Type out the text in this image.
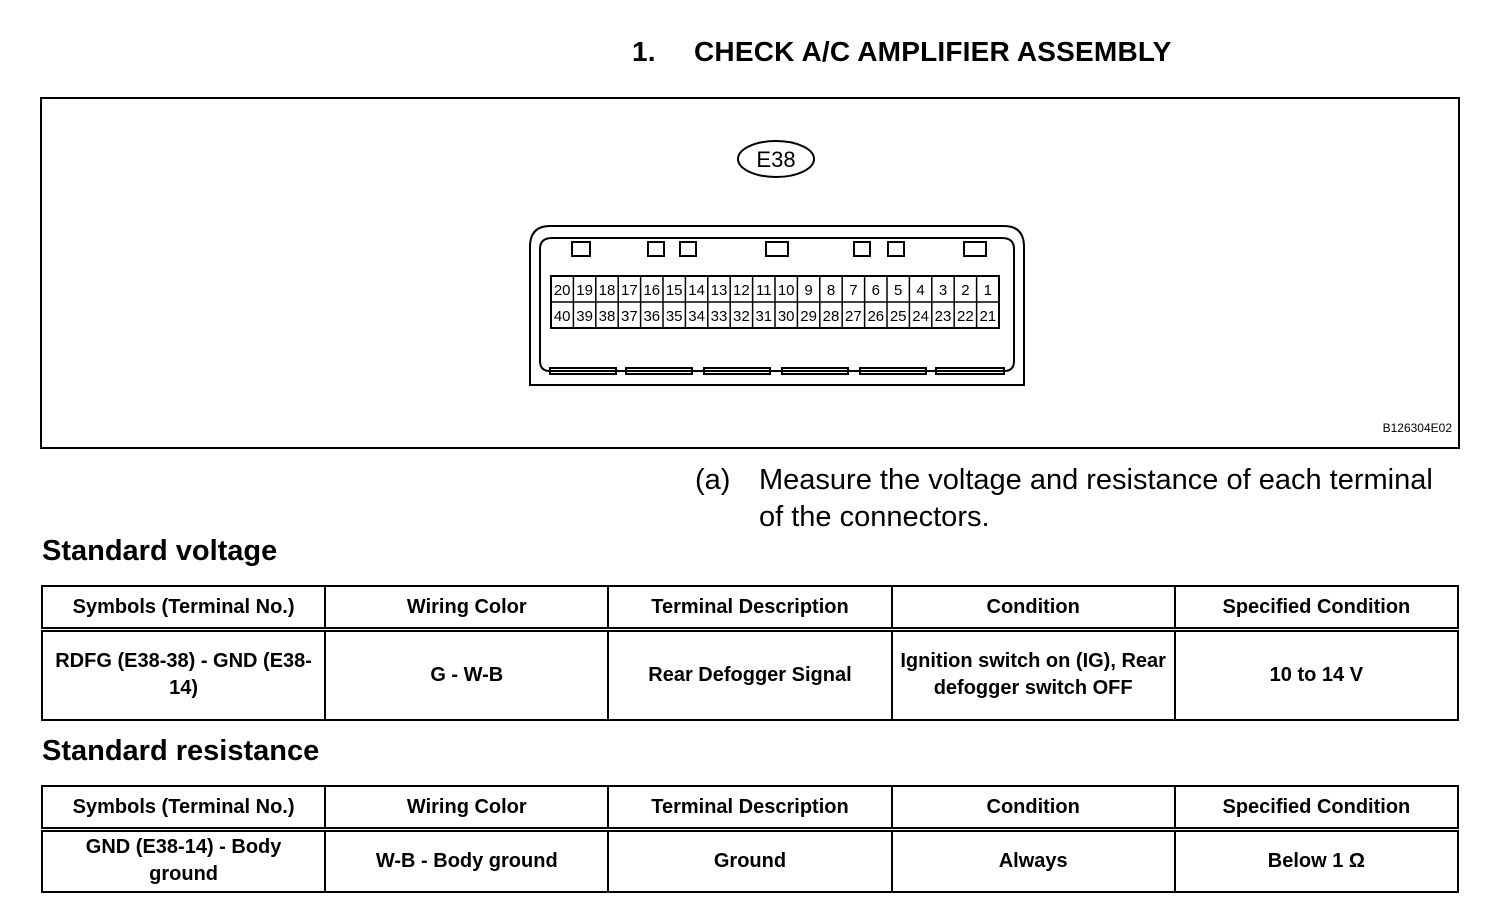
1. CHECK A/C AMPLIFIER ASSEMBLY
E38
20 19 18 17 16 15 14 13 12 11 10 9 8 7 6 5 4 3 2 1
40 39 38 37 36 35 34 33 32 31 30 29 28 27 26 25 24 23 22 21
B126304E02
(a) Measure the voltage and resistance of each terminal of the connectors.
Standard voltage
Symbols (Terminal No.)	Wiring Color	Terminal Description	Condition	Specified Condition
RDFG (E38-38) - GND (E38-14)	G - W-B	Rear Defogger Signal	Ignition switch on (IG), Rear defogger switch OFF	10 to 14 V
Standard resistance
Symbols (Terminal No.)	Wiring Color	Terminal Description	Condition	Specified Condition
GND (E38-14) - Body ground	W-B - Body ground	Ground	Always	Below 1 Ω
